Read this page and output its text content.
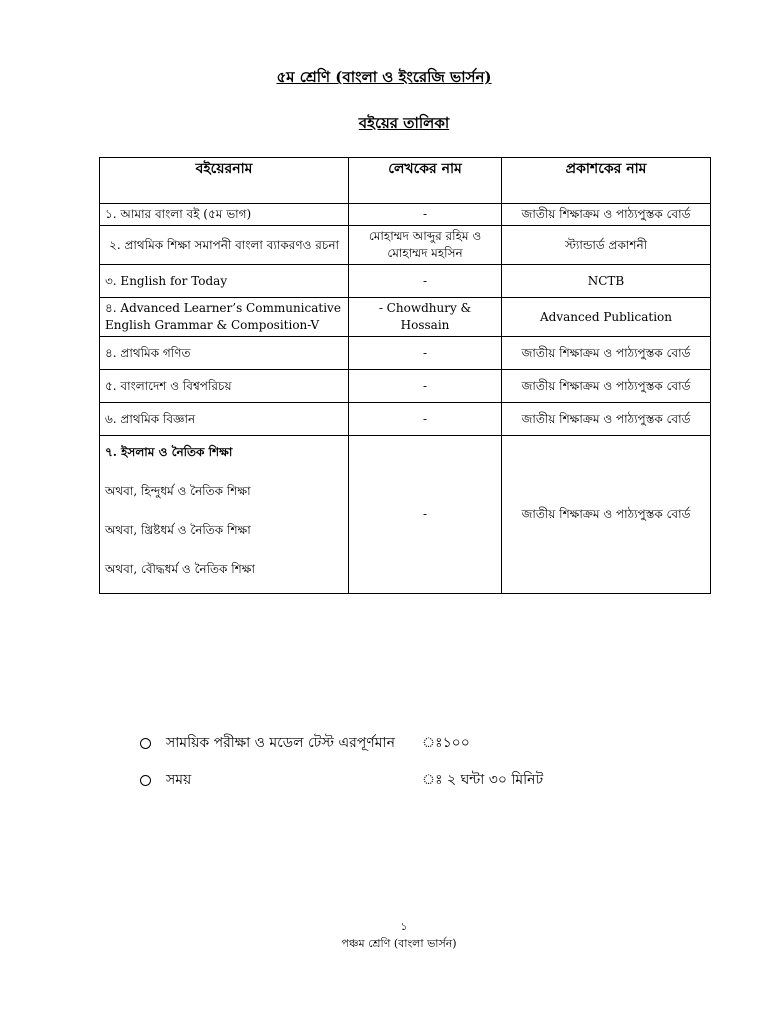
৫ম শ্রেণি (বাংলা ও ইংরেজি ভার্সন)
বইয়ের তালিকা
বইয়েরনাম	লেখকের নাম	প্রকাশকের নাম
১. আমার বাংলা বই (৫ম ভাগ)	-	জাতীয় শিক্ষাক্রম ও পাঠ্যপুস্তক বোর্ড
২. প্রাথমিক শিক্ষা সমাপনী বাংলা ব্যাকরণও রচনা	মোহাম্মদ আব্দুর রহিম ও মোহাম্মদ মহসিন	স্ট্যান্ডার্ড প্রকাশনী
৩. English for Today	-	NCTB
৪. Advanced Learner’s Communicative English Grammar & Composition-V	- Chowdhury & Hossain	Advanced Publication
৪. প্রাথমিক গণিত	-	জাতীয় শিক্ষাক্রম ও পাঠ্যপুস্তক বোর্ড
৫. বাংলাদেশ ও বিশ্বপরিচয়	-	জাতীয় শিক্ষাক্রম ও পাঠ্যপুস্তক বোর্ড
৬. প্রাথমিক বিজ্ঞান	-	জাতীয় শিক্ষাক্রম ও পাঠ্যপুস্তক বোর্ড

৭. ইসলাম ও নৈতিক শিক্ষা
অথবা, হিন্দুধর্ম ও নৈতিক শিক্ষা
অথবা, খ্রিষ্টধর্ম ও নৈতিক শিক্ষা
অথবা, বৌদ্ধধর্ম ও নৈতিক শিক্ষা	-	জাতীয় শিক্ষাক্রম ও পাঠ্যপুস্তক বোর্ড
সাময়িক পরীক্ষা ও মডেল টেস্ট এরপূর্ণমান	ঃ১০০
সময়	ঃ ২ ঘন্টা ৩০ মিনিট
১
পঞ্চম শ্রেণি (বাংলা ভার্সন)
